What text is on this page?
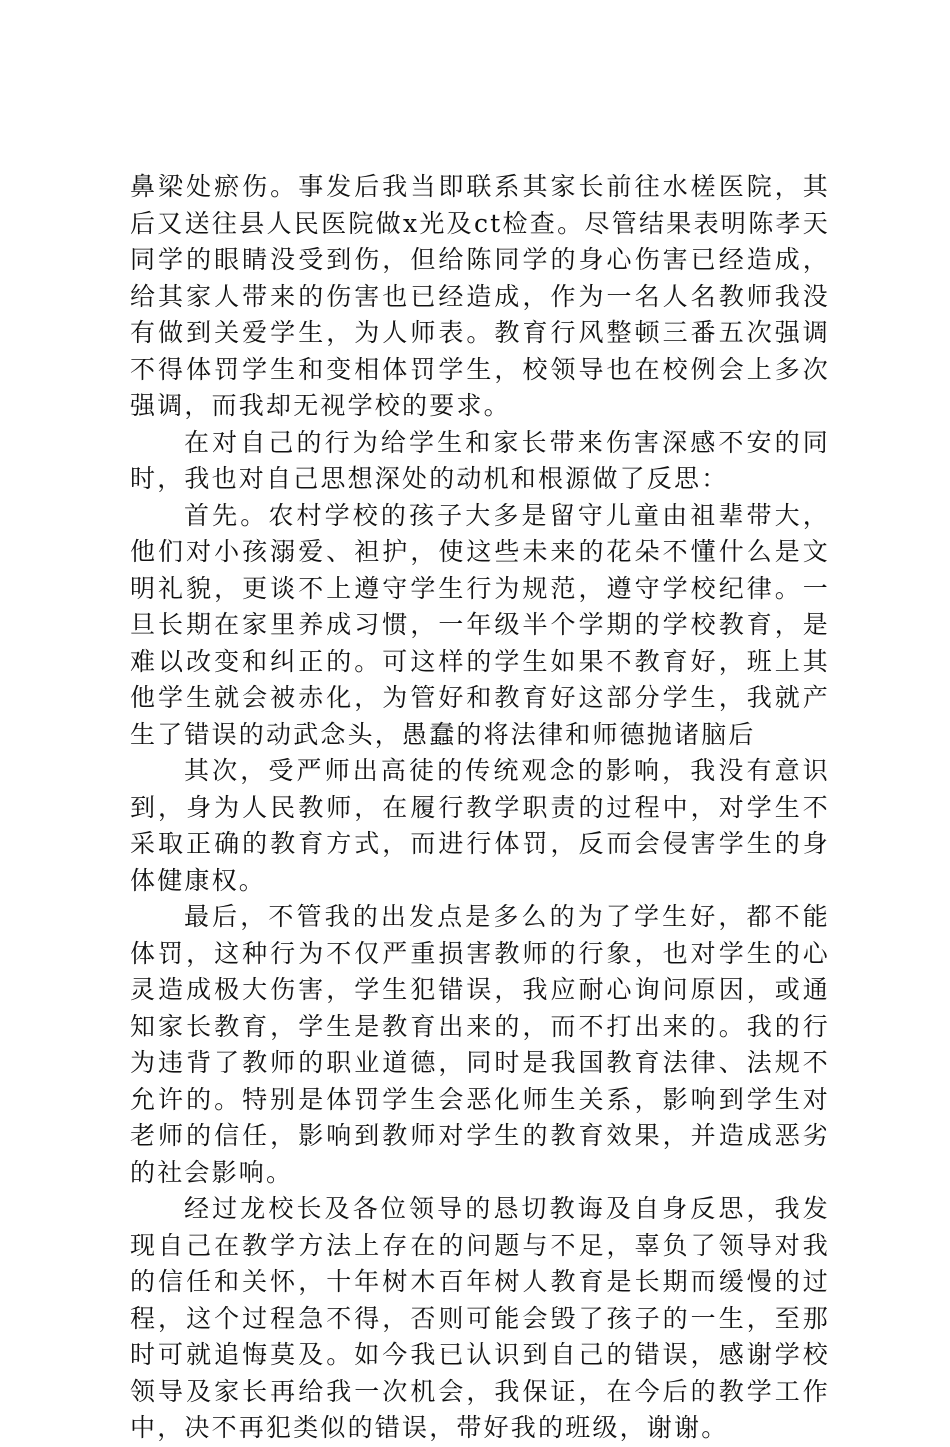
鼻梁处瘀伤。事发后我当即联系其家长前往水槎医院，其后又送往县人民医院做x光及ct检查。尽管结果表明陈孝天同学的眼睛没受到伤，但给陈同学的身心伤害已经造成，给其家人带来的伤害也已经造成，作为一名人名教师我没有做到关爱学生，为人师表。教育行风整顿三番五次强调不得体罚学生和变相体罚学生，校领导也在校例会上多次强调，而我却无视学校的要求。

在对自己的行为给学生和家长带来伤害深感不安的同时，我也对自己思想深处的动机和根源做了反思：

首先。农村学校的孩子大多是留守儿童由祖辈带大，他们对小孩溺爱、袒护，使这些未来的花朵不懂什么是文明礼貌，更谈不上遵守学生行为规范，遵守学校纪律。一旦长期在家里养成习惯，一年级半个学期的学校教育，是难以改变和纠正的。可这样的学生如果不教育好，班上其他学生就会被赤化，为管好和教育好这部分学生，我就产生了错误的动武念头，愚蠢的将法律和师德抛诸脑后

其次，受严师出高徒的传统观念的影响，我没有意识到，身为人民教师，在履行教学职责的过程中，对学生不采取正确的教育方式，而进行体罚，反而会侵害学生的身体健康权。

最后，不管我的出发点是多么的为了学生好，都不能体罚，这种行为不仅严重损害教师的行象，也对学生的心灵造成极大伤害，学生犯错误，我应耐心询问原因，或通知家长教育，学生是教育出来的，而不打出来的。我的行为违背了教师的职业道德，同时是我国教育法律、法规不允许的。特别是体罚学生会恶化师生关系，影响到学生对老师的信任，影响到教师对学生的教育效果，并造成恶劣的社会影响。

经过龙校长及各位领导的恳切教诲及自身反思，我发现自己在教学方法上存在的问题与不足，辜负了领导对我的信任和关怀，十年树木百年树人教育是长期而缓慢的过程，这个过程急不得，否则可能会毁了孩子的一生，至那时可就追悔莫及。如今我已认识到自己的错误，感谢学校领导及家长再给我一次机会，我保证，在今后的教学工作中，决不再犯类似的错误，带好我的班级，谢谢。
